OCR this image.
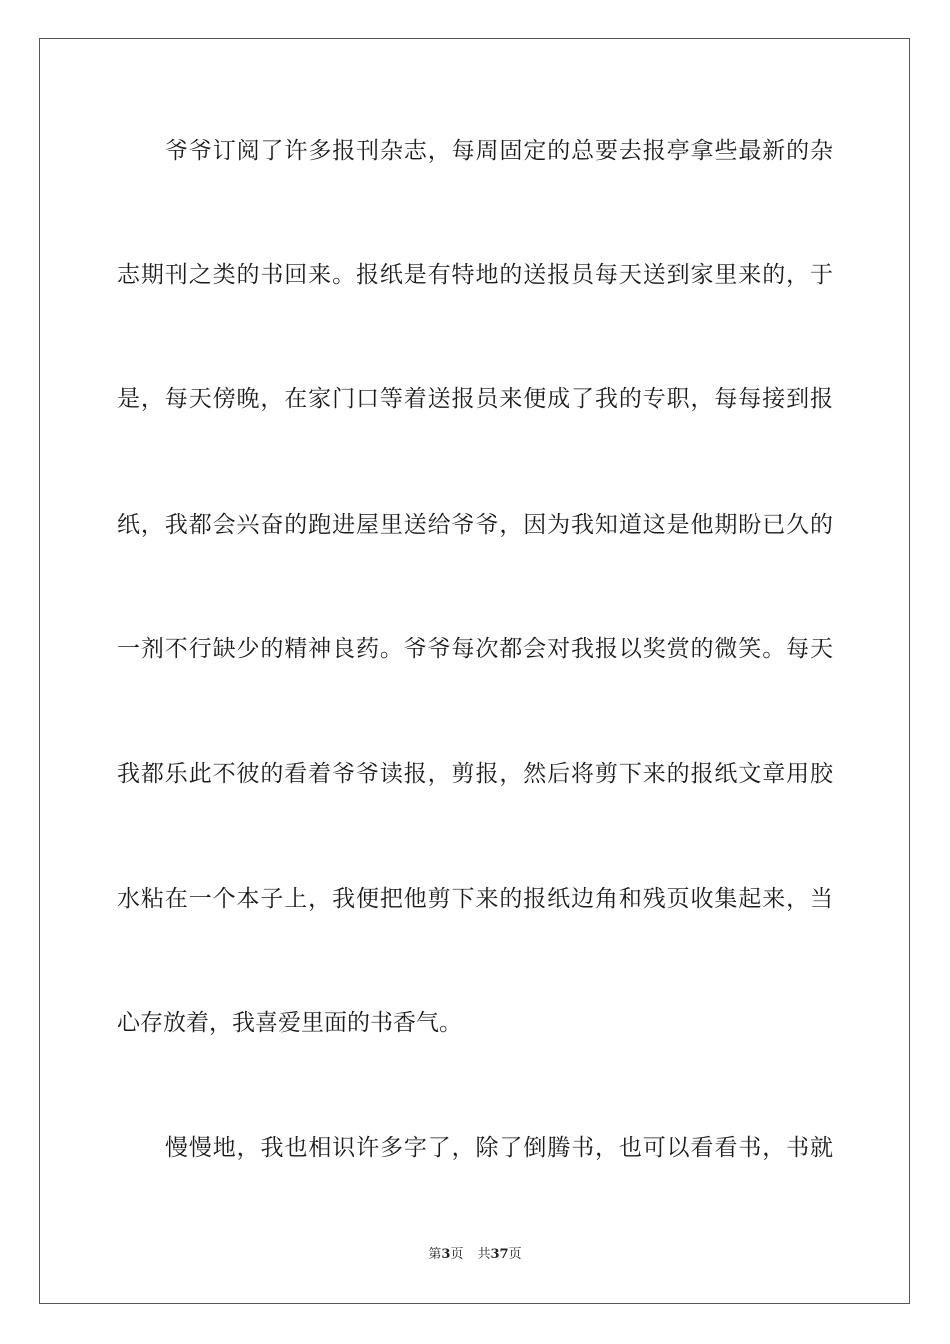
爷爷订阅了许多报刊杂志，每周固定的总要去报亭拿些最新的杂
志期刊之类的书回来。报纸是有特地的送报员每天送到家里来的，于
是，每天傍晚，在家门口等着送报员来便成了我的专职，每每接到报
纸，我都会兴奋的跑进屋里送给爷爷，因为我知道这是他期盼已久的
一剂不行缺少的精神良药。爷爷每次都会对我报以奖赏的微笑。每天
我都乐此不彼的看着爷爷读报，剪报，然后将剪下来的报纸文章用胶
水粘在一个本子上，我便把他剪下来的报纸边角和残页收集起来，当
心存放着，我喜爱里面的书香气。
慢慢地，我也相识许多字了，除了倒腾书，也可以看看书，书就
第3页 共37页
